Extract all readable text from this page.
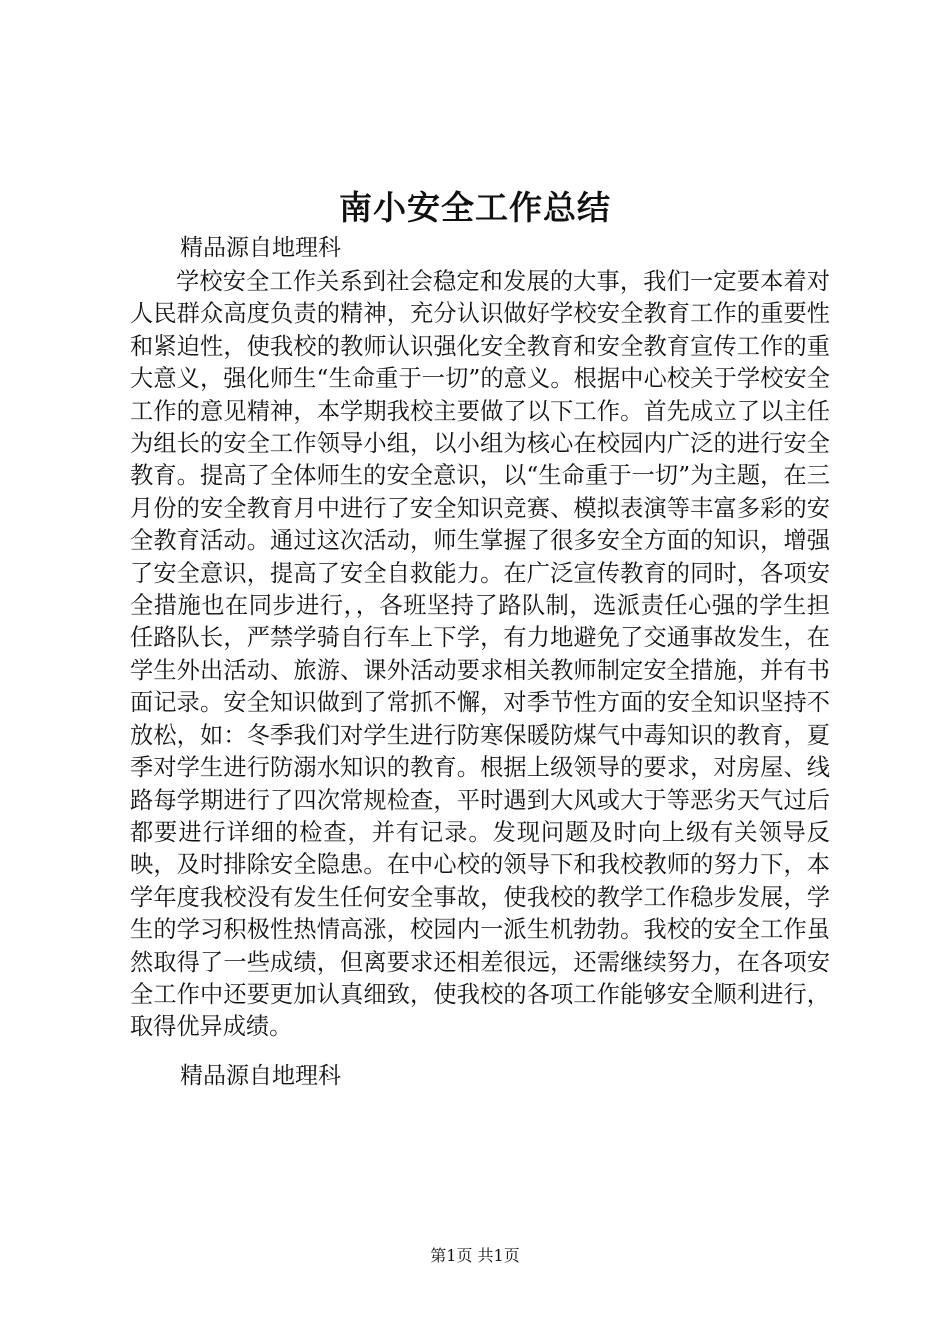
南小安全工作总结
精品源自地理科

学校安全工作关系到社会稳定和发展的大事，我们一定要本着对人民群众高度负责的精神，充分认识做好学校安全教育工作的重要性和紧迫性，使我校的教师认识强化安全教育和安全教育宣传工作的重大意义，强化师生“生命重于一切”的意义。根据中心校关于学校安全工作的意见精神，本学期我校主要做了以下工作。首先成立了以主任为组长的安全工作领导小组，以小组为核心在校园内广泛的进行安全教育。提高了全体师生的安全意识，以“生命重于一切”为主题，在三月份的安全教育月中进行了安全知识竞赛、模拟表演等丰富多彩的安全教育活动。通过这次活动，师生掌握了很多安全方面的知识，增强了安全意识，提高了安全自救能力。在广泛宣传教育的同时，各项安全措施也在同步进行，，各班坚持了路队制，选派责任心强的学生担任路队长，严禁学骑自行车上下学，有力地避免了交通事故发生，在学生外出活动、旅游、课外活动要求相关教师制定安全措施，并有书面记录。安全知识做到了常抓不懈，对季节性方面的安全知识坚持不放松，如：冬季我们对学生进行防寒保暖防煤气中毒知识的教育，夏季对学生进行防溺水知识的教育。根据上级领导的要求，对房屋、线路每学期进行了四次常规检查，平时遇到大风或大于等恶劣天气过后都要进行详细的检查，并有记录。发现问题及时向上级有关领导反映，及时排除安全隐患。在中心校的领导下和我校教师的努力下，本学年度我校没有发生任何安全事故，使我校的教学工作稳步发展，学生的学习积极性热情高涨，校园内一派生机勃勃。我校的安全工作虽然取得了一些成绩，但离要求还相差很远，还需继续努力，在各项安全工作中还要更加认真细致，使我校的各项工作能够安全顺利进行，取得优异成绩。

精品源自地理科
第1页 共1页
